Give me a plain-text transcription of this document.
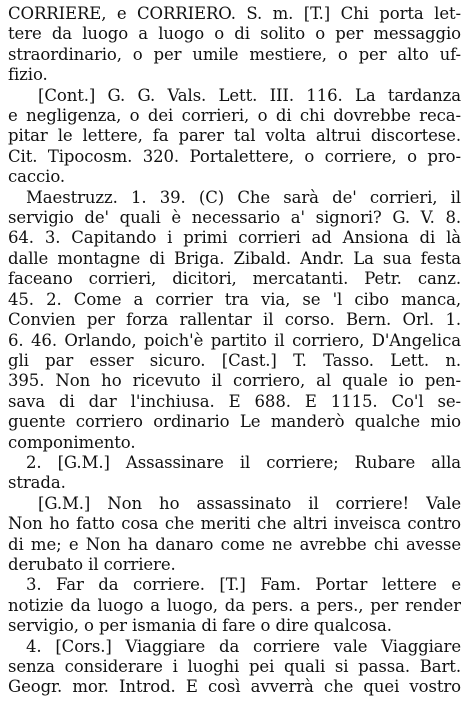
CORRIERE, e CORRIERO. S. m. [T.] Chi porta let-
tere da luogo a luogo o di solito o per messaggio
straordinario, o per umile mestiere, o per alto uf-
fizio.
[Cont.] G. G. Vals. Lett. III. 116. La tardanza
e negligenza, o dei corrieri, o di chi dovrebbe reca-
pitar le lettere, fa parer tal volta altrui discortese.
Cit. Tipocosm. 320. Portalettere, o corriere, o pro-
caccio.
Maestruzz. 1. 39. (C) Che sarà de' corrieri, il
servigio de' quali è necessario a' signori? G. V. 8.
64. 3. Capitando i primi corrieri ad Ansiona di là
dalle montagne di Briga. Zibald. Andr. La sua festa
faceano corrieri, dicitori, mercatanti. Petr. canz.
45. 2. Come a corrier tra via, se 'l cibo manca,
Convien per forza rallentar il corso. Bern. Orl. 1.
6. 46. Orlando, poich'è partito il corriero, D'Angelica
gli par esser sicuro. [Cast.] T. Tasso. Lett. n.
395. Non ho ricevuto il corriero, al quale io pen-
sava di dar l'inchiusa. E 688. E 1115. Co'l se-
guente corriero ordinario Le manderò qualche mio
componimento.
2. [G.M.] Assassinare il corriere; Rubare alla
strada.
[G.M.] Non ho assassinato il corriere! Vale
Non ho fatto cosa che meriti che altri inveisca contro
di me; e Non ha danaro come ne avrebbe chi avesse
derubato il corriere.
3. Far da corriere. [T.] Fam. Portar lettere e
notizie da luogo a luogo, da pers. a pers., per render
servigio, o per ismania di fare o dire qualcosa.
4. [Cors.] Viaggiare da corriere vale Viaggiare
senza considerare i luoghi pei quali si passa. Bart.
Geogr. mor. Introd. E così avverrà che quei vostro
